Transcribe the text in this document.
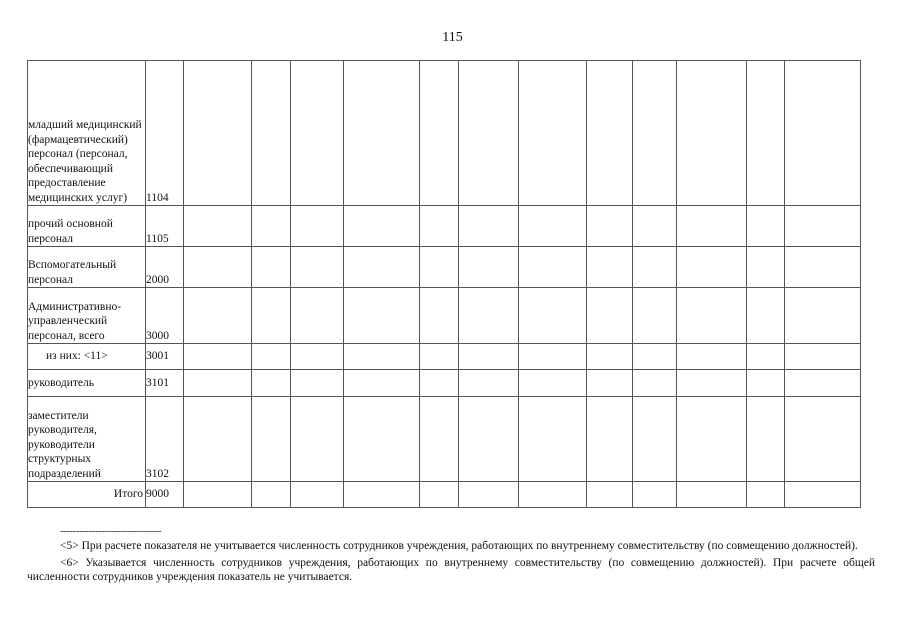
115
младший медицинский (фармацевтический) персонал (персонал, обеспечивающий предоставление медицинских услуг)	1104												
прочий основной персонал	1105												
Вспомогательный персонал	2000												
Административно-управленческий персонал, всего	3000												
из них: <11>	3001												
руководитель	3101												
заместители руководителя, руководители структурных подразделений	3102												
Итого	9000												
--------------------------------

<5> При расчете показателя не учитывается численность сотрудников учреждения, работающих по внутреннему совместительству (по совмещению должностей).

<6> Указывается численность сотрудников учреждения, работающих по внутреннему совместительству (по совмещению должностей). При расчете общей численности сотрудников учреждения показатель не учитывается.
